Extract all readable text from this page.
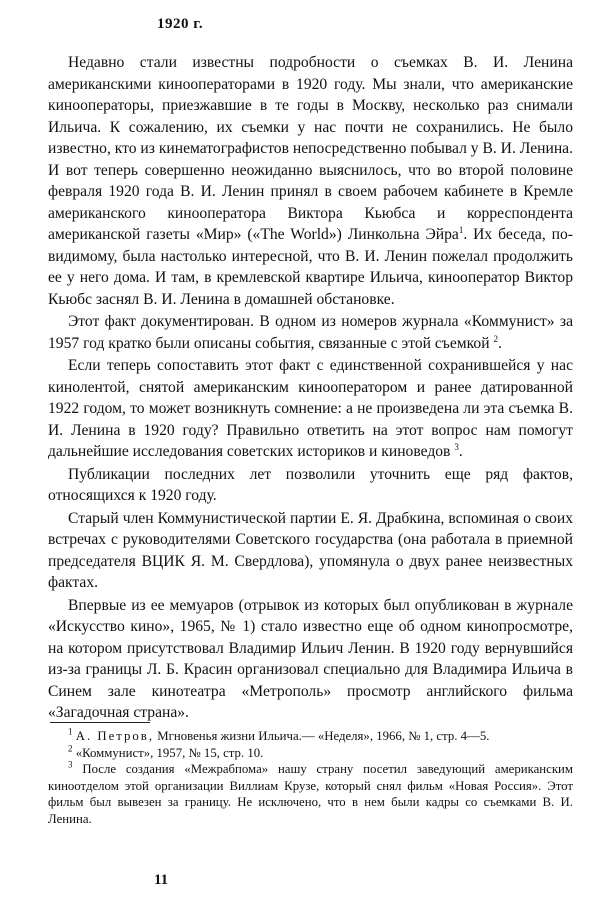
1920 г.

Недавно стали известны подробности о съемках В. И. Ленина американскими кинооператорами в 1920 году. Мы знали, что американские кинооператоры, приезжавшие в те годы в Москву, несколько раз снимали Ильича. К сожалению, их съемки у нас почти не сохранились. Не было известно, кто из кинематографистов непосредственно побывал у В. И. Ленина. И вот теперь совершенно неожиданно выяснилось, что во второй половине февраля 1920 года В. И. Ленин принял в своем рабочем кабинете в Кремле американского кинооператора Виктора Кьюбса и корреспондента американской газеты «Мир» («The World») Линкольна Эйра$^1$. Их беседа, по-видимому, была настолько интересной, что В. И. Ленин пожелал продолжить ее у него дома. И там, в кремлевской квартире Ильича, кинооператор Виктор Кьюбс заснял В. И. Ленина в домашней обстановке.

Этот факт документирован. В одном из номеров журнала «Коммунист» за 1957 год кратко были описаны события, связанные с этой съемкой $^2$.

Если теперь сопоставить этот факт с единственной сохранившейся у нас кинолентой, снятой американским кинооператором и ранее датированной 1922 годом, то может возникнуть сомнение: а не произведена ли эта съемка В. И. Ленина в 1920 году? Правильно ответить на этот вопрос нам помогут дальнейшие исследования советских историков и киноведов $^3$.

Публикации последних лет позволили уточнить еще ряд фактов, относящихся к 1920 году.

Старый член Коммунистической партии Е. Я. Драбкина, вспоминая о своих встречах с руководителями Советского государства (она работала в приемной председателя ВЦИК Я. М. Свердлова), упомянула о двух ранее неизвестных фактах.

Впервые из ее мемуаров (отрывок из которых был опубликован в журнале «Искусство кино», 1965, № 1) стало известно еще об одном кинопросмотре, на котором присутствовал Владимир Ильич Ленин. В 1920 году вернувшийся из-за границы Л. Б. Красин организовал специально для Владимира Ильича в Синем зале кинотеатра «Метрополь» просмотр английского фильма «Загадочная страна».

$^1$ А. Петров, Мгновенья жизни Ильича.— «Неделя», 1966, № 1, стр. 4—5.

$^2$ «Коммунист», 1957, № 15, стр. 10.

$^3$ После создания «Межрабпома» нашу страну посетил заведующий американским киноотделом этой организации Виллиам Крузе, который снял фильм «Новая Россия». Этот фильм был вывезен за границу. Не исключено, что в нем были кадры со съемками В. И. Ленина.

11
